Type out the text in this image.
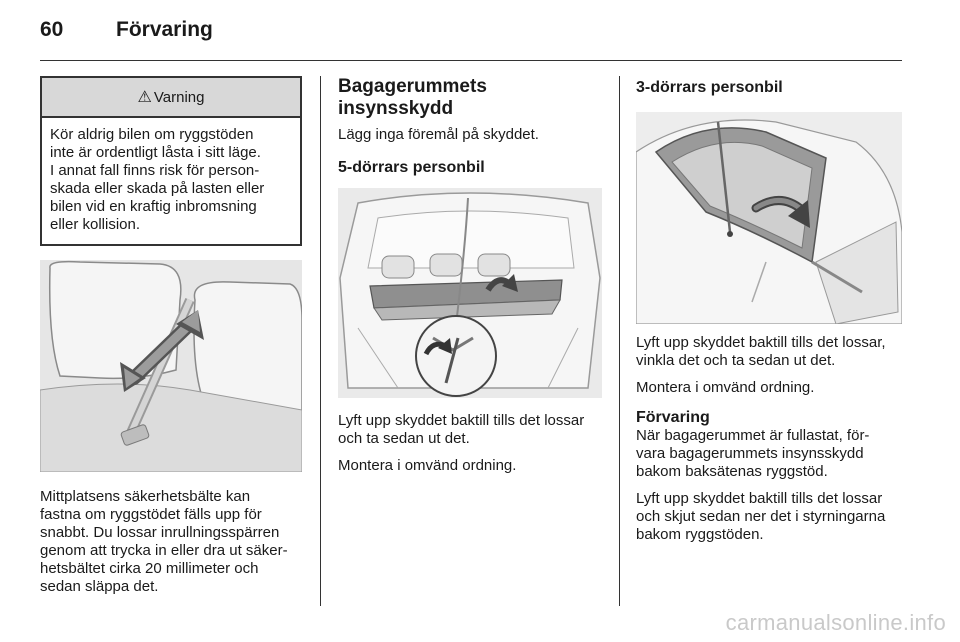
60	Förvaring
⚠ Varning
Kör aldrig bilen om ryggstöden
inte är ordentligt låsta i sitt läge.
I annat fall finns risk för person-
skada eller skada på lasten eller
bilen vid en kraftig inbromsning
eller kollision.

Mittplatsens säkerhetsbälte kan
fastna om ryggstödet fälls upp för
snabbt. Du lossar inrullningsspärren
genom att trycka in eller dra ut säker-
hetsbältet cirka 20 millimeter och
sedan släppa det.

Bagagerummets insynsskydd

Lägg inga föremål på skyddet.

5-dörrars personbil

Lyft upp skyddet baktill tills det lossar
och ta sedan ut det.

Montera i omvänd ordning.

3-dörrars personbil

Lyft upp skyddet baktill tills det lossar,
vinkla det och ta sedan ut det.

Montera i omvänd ordning.

Förvaring

När bagagerummet är fullastat, för-
vara bagagerummets insynsskydd
bakom baksätenas ryggstöd.

Lyft upp skyddet baktill tills det lossar
och skjut sedan ner det i styrningarna
bakom ryggstöden.

carmanualsonline.info
